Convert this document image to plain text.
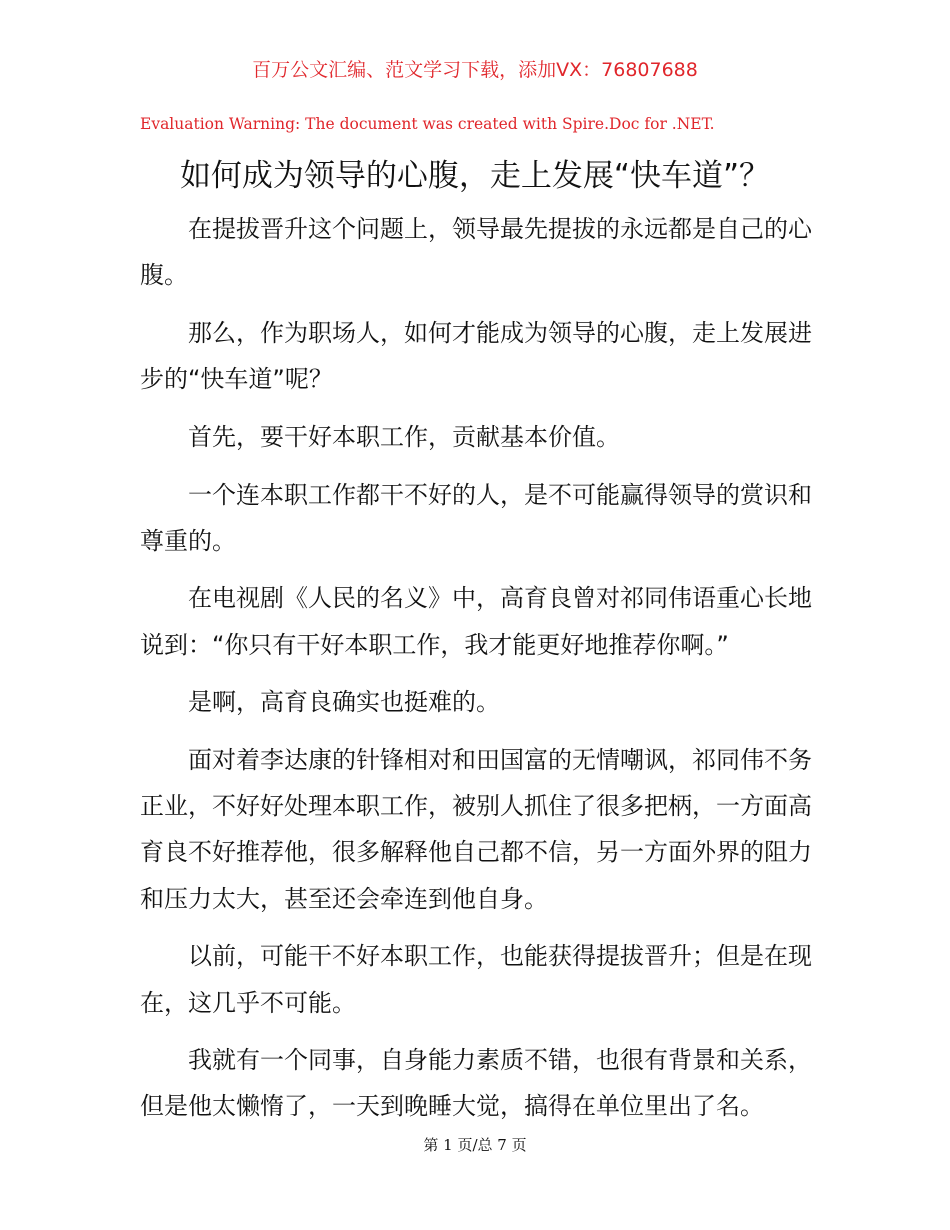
百万公文汇编、范文学习下载，添加VX：76807688
Evaluation Warning: The document was created with Spire.Doc for .NET.
如何成为领导的心腹，走上发展“快车道”？

在提拔晋升这个问题上，领导最先提拔的永远都是自己的心腹。

那么，作为职场人，如何才能成为领导的心腹，走上发展进步的“快车道”呢？

首先，要干好本职工作，贡献基本价值。

一个连本职工作都干不好的人，是不可能赢得领导的赏识和尊重的。

在电视剧《人民的名义》中，高育良曾对祁同伟语重心长地说到：“你只有干好本职工作，我才能更好地推荐你啊。”

是啊，高育良确实也挺难的。

面对着李达康的针锋相对和田国富的无情嘲讽，祁同伟不务正业，不好好处理本职工作，被别人抓住了很多把柄，一方面高育良不好推荐他，很多解释他自己都不信，另一方面外界的阻力和压力太大，甚至还会牵连到他自身。

以前，可能干不好本职工作，也能获得提拔晋升；但是在现在，这几乎不可能。

我就有一个同事，自身能力素质不错，也很有背景和关系，但是他太懒惰了，一天到晚睡大觉，搞得在单位里出了名。

第 1 页/总 7 页
